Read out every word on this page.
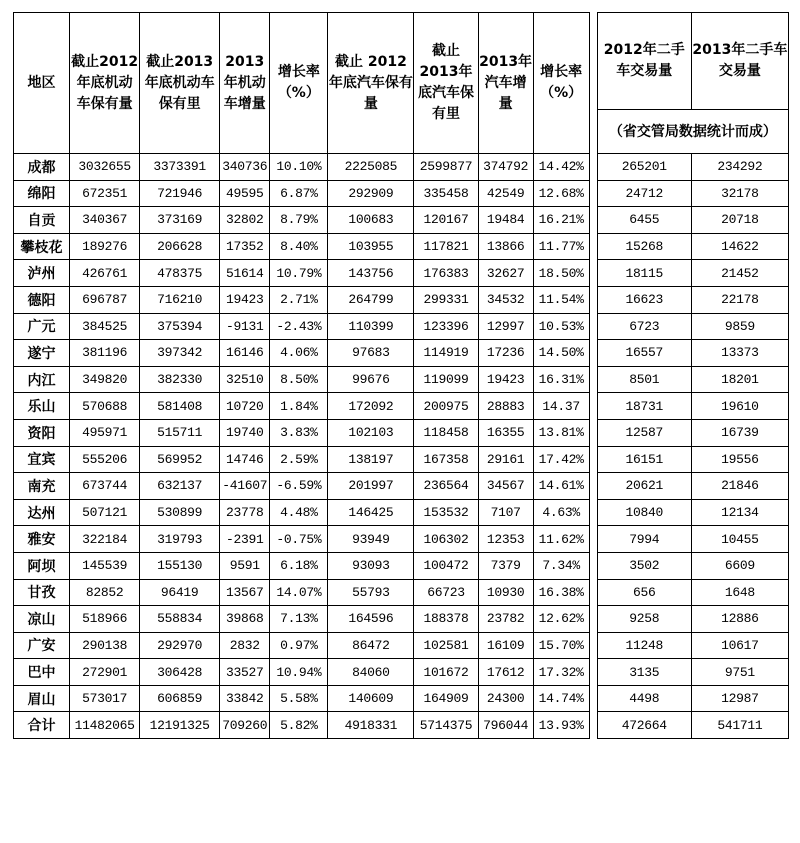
地区	截止2012年底机动车保有量	截止2013年底机动车保有里	2013年机动车增量	增长率（%）	截止 2012年底汽车保有量	截止2013年底汽车保有里	2013年汽车增量	增长率（%）		2012年二手车交易量	2013年二手车交易量
										（省交管局数据统计而成）	
成都	3032655	3373391	340736	10.10%	2225085	2599877	374792	14.42%		265201	234292
绵阳	672351	721946	49595	6.87%	292909	335458	42549	12.68%		24712	32178
自贡	340367	373169	32802	8.79%	100683	120167	19484	16.21%		6455	20718
攀枝花	189276	206628	17352	8.40%	103955	117821	13866	11.77%		15268	14622
泸州	426761	478375	51614	10.79%	143756	176383	32627	18.50%		18115	21452
德阳	696787	716210	19423	2.71%	264799	299331	34532	11.54%		16623	22178
广元	384525	375394	-9131	-2.43%	110399	123396	12997	10.53%		6723	9859
遂宁	381196	397342	16146	4.06%	97683	114919	17236	14.50%		16557	13373
内江	349820	382330	32510	8.50%	99676	119099	19423	16.31%		8501	18201
乐山	570688	581408	10720	1.84%	172092	200975	28883	14.37		18731	19610
资阳	495971	515711	19740	3.83%	102103	118458	16355	13.81%		12587	16739
宜宾	555206	569952	14746	2.59%	138197	167358	29161	17.42%		16151	19556
南充	673744	632137	-41607	-6.59%	201997	236564	34567	14.61%		20621	21846
达州	507121	530899	23778	4.48%	146425	153532	7107	4.63%		10840	12134
雅安	322184	319793	-2391	-0.75%	93949	106302	12353	11.62%		7994	10455
阿坝	145539	155130	9591	6.18%	93093	100472	7379	7.34%		3502	6609
甘孜	82852	96419	13567	14.07%	55793	66723	10930	16.38%		656	1648
凉山	518966	558834	39868	7.13%	164596	188378	23782	12.62%		9258	12886
广安	290138	292970	2832	0.97%	86472	102581	16109	15.70%		11248	10617
巴中	272901	306428	33527	10.94%	84060	101672	17612	17.32%		3135	9751
眉山	573017	606859	33842	5.58%	140609	164909	24300	14.74%		4498	12987
合计	11482065	12191325	709260	5.82%	4918331	5714375	796044	13.93%		472664	541711
